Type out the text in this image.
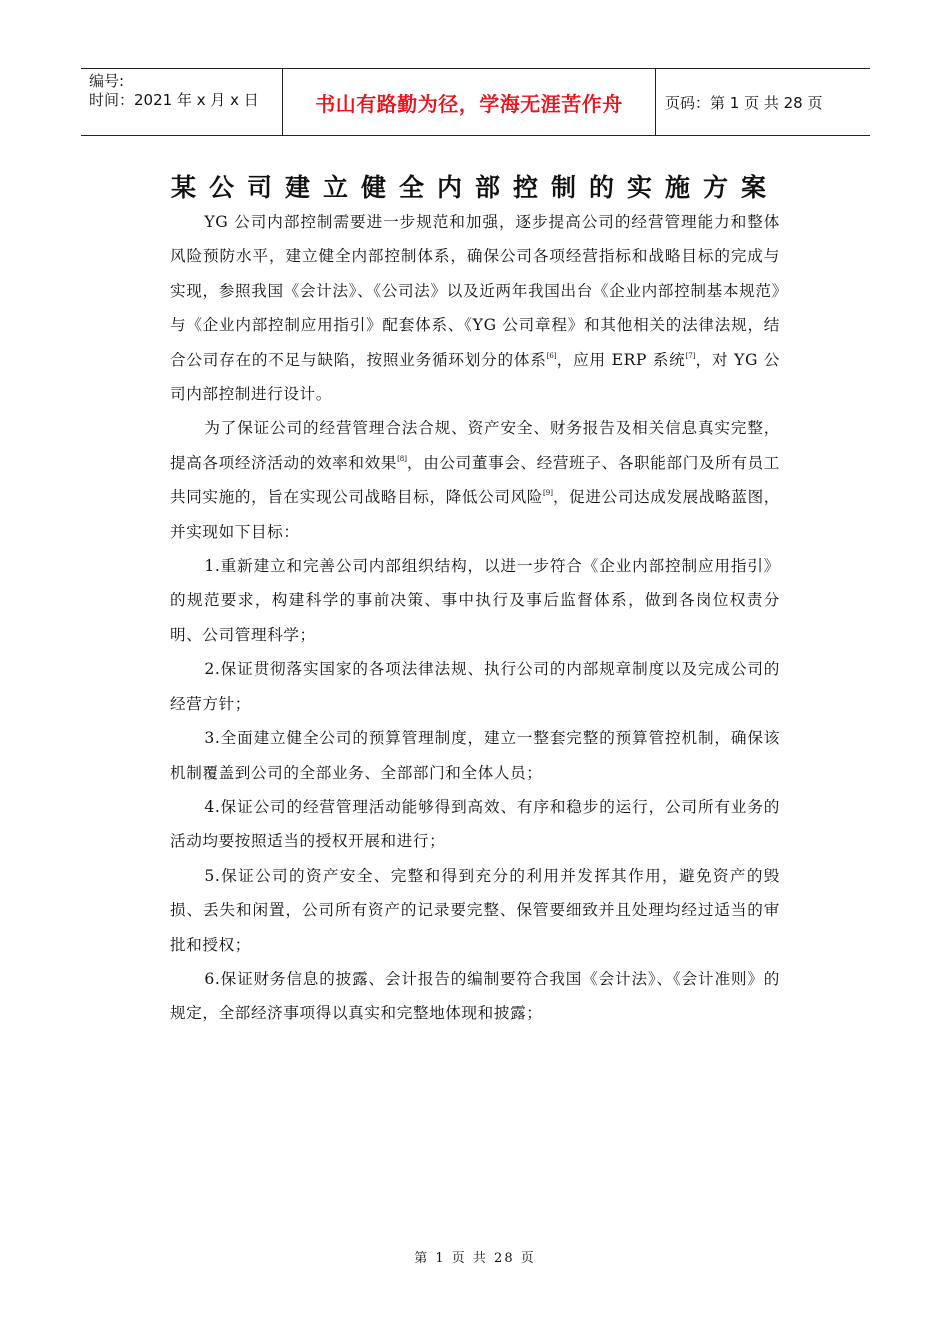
编号:
时间：2021 年 x 月 x 日	书山有路勤为径，学海无涯苦作舟	页码：第 1 页 共 28 页
某公司建立健全内部控制的实施方案

YG 公司内部控制需要进一步规范和加强，逐步提高公司的经营管理能力和整体风险预防水平，建立健全内部控制体系，确保公司各项经营指标和战略目标的完成与实现，参照我国《会计法》、《公司法》以及近两年我国出台《企业内部控制基本规范》与《企业内部控制应用指引》配套体系、《YG 公司章程》和其他相关的法律法规，结合公司存在的不足与缺陷，按照业务循环划分的体系[6]，应用 ERP 系统[7]，对 YG 公司内部控制进行设计。

为了保证公司的经营管理合法合规、资产安全、财务报告及相关信息真实完整，提高各项经济活动的效率和效果[8]，由公司董事会、经营班子、各职能部门及所有员工共同实施的，旨在实现公司战略目标，降低公司风险[9]，促进公司达成发展战略蓝图，并实现如下目标：

1.重新建立和完善公司内部组织结构，以进一步符合《企业内部控制应用指引》的规范要求，构建科学的事前决策、事中执行及事后监督体系，做到各岗位权责分明、公司管理科学；

2.保证贯彻落实国家的各项法律法规、执行公司的内部规章制度以及完成公司的经营方针；

3.全面建立健全公司的预算管理制度，建立一整套完整的预算管控机制，确保该机制覆盖到公司的全部业务、全部部门和全体人员；

4.保证公司的经营管理活动能够得到高效、有序和稳步的运行，公司所有业务的活动均要按照适当的授权开展和进行；

5.保证公司的资产安全、完整和得到充分的利用并发挥其作用，避免资产的毁损、丢失和闲置，公司所有资产的记录要完整、保管要细致并且处理均经过适当的审批和授权；

6.保证财务信息的披露、会计报告的编制要符合我国《会计法》、《会计准则》的规定，全部经济事项得以真实和完整地体现和披露；

第 1 页 共 28 页
